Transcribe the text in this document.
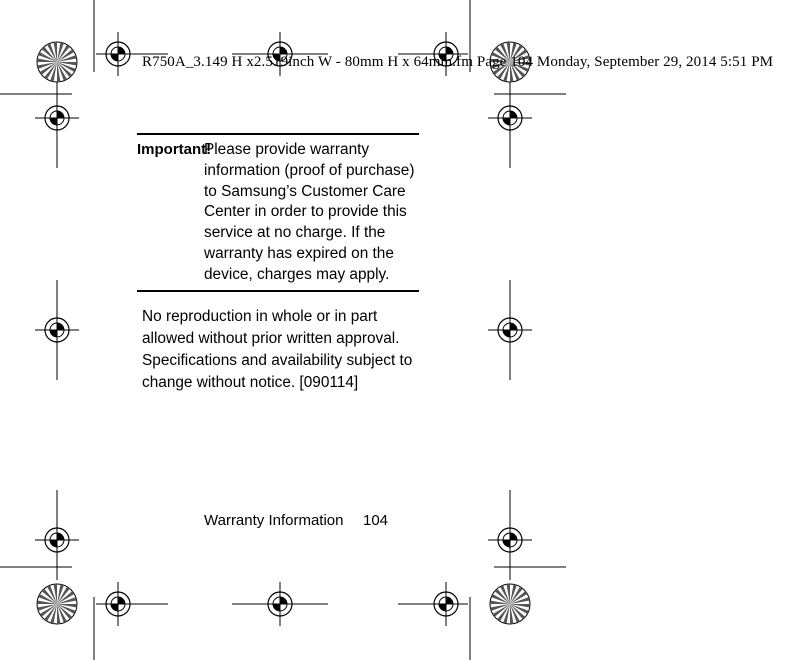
R750A_3.149 H x2.519inch W - 80mm H x 64mm.fm Page 104 Monday, September 29, 2014 5:51 PM
Important!
Please provide warranty information (proof of purchase) to Samsung’s Customer Care Center in order to provide this service at no charge. If the warranty has expired on the device, charges may apply.
No reproduction in whole or in part allowed without prior written approval. Specifications and availability subject to change without notice. [090114]
Warranty Information 104
